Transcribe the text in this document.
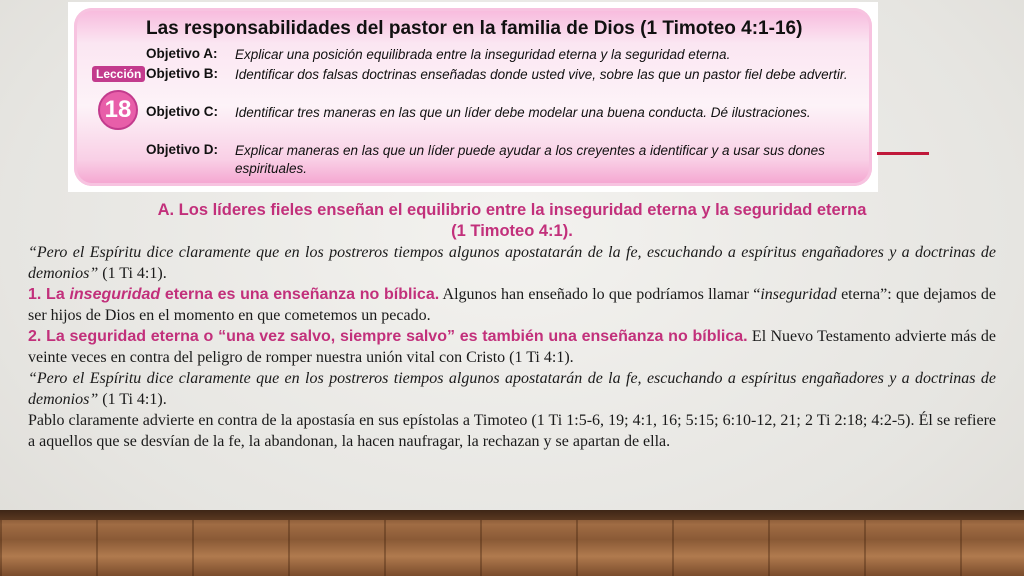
Lección
18
Las responsabilidades del pastor en la familia de Dios (1 Timoteo 4:1-16)
Objetivo A: Explicar una posición equilibrada entre la inseguridad eterna y la seguridad eterna.
Objetivo B: Identificar dos falsas doctrinas enseñadas donde usted vive, sobre las que un pastor fiel debe advertir.
Objetivo C: Identificar tres maneras en las que un líder debe modelar una buena conducta. Dé ilustraciones.
Objetivo D: Explicar maneras en las que un líder puede ayudar a los creyentes a identificar y a usar sus dones espirituales.

A. Los líderes fieles enseñan el equilibrio entre la inseguridad eterna y la seguridad eterna
(1 Timoteo 4:1).

“Pero el Espíritu dice claramente que en los postreros tiempos algunos apostatarán de la fe, escuchando a espíritus engañadores y a doctrinas de demonios” (1 Ti 4:1).

1. La inseguridad eterna es una enseñanza no bíblica. Algunos han enseñado lo que podríamos llamar “inseguridad eterna”: que dejamos de ser hijos de Dios en el momento en que cometemos un pecado.

2. La seguridad eterna o “una vez salvo, siempre salvo” es también una enseñanza no bíblica. El Nuevo Testamento advierte más de veinte veces en contra del peligro de romper nuestra unión vital con Cristo (1 Ti 4:1).

“Pero el Espíritu dice claramente que en los postreros tiempos algunos apostatarán de la fe, escuchando a espíritus engañadores y a doctrinas de demonios” (1 Ti 4:1).

Pablo claramente advierte en contra de la apostasía en sus epístolas a Timoteo (1 Ti 1:5-6, 19; 4:1, 16; 5:15; 6:10-12, 21; 2 Ti 2:18; 4:2-5). Él se refiere a aquellos que se desvían de la fe, la abandonan, la hacen naufragar, la rechazan y se apartan de ella.
